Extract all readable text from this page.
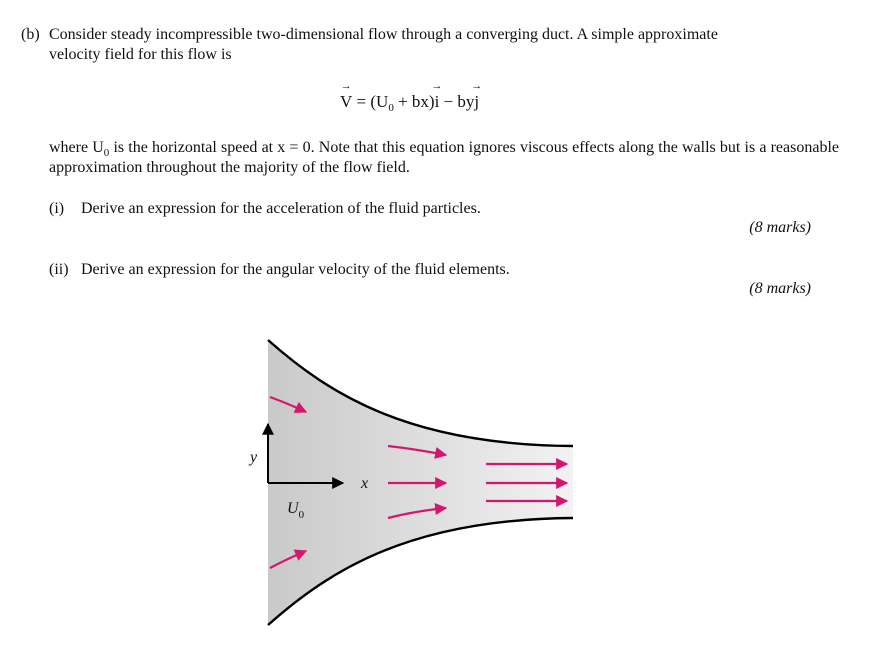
(b) Consider steady incompressible two-dimensional flow through a converging duct. A simple approximate
velocity field for this flow is

→
$V = (U_0 + bx)$
→
i − by
→
j

where $U_0$ is the horizontal speed at x = 0. Note that this equation ignores viscous effects along the walls but is a reasonable approximation throughout the majority of the flow field.

(i) Derive an expression for the acceleration of the fluid particles.
(8 marks)
(ii) Derive an expression for the angular velocity of the fluid elements.
(8 marks)
y
x
$U_0$
